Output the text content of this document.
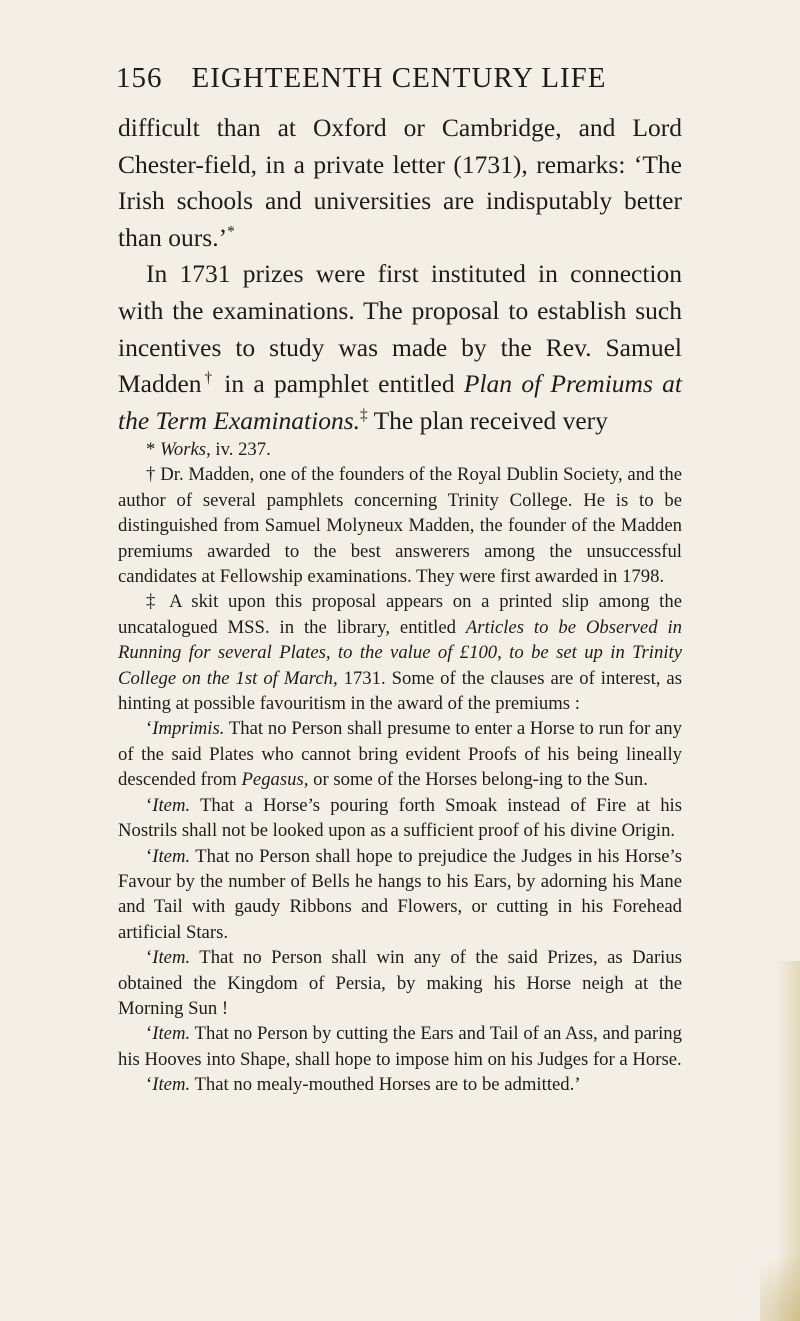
156	EIGHTEENTH CENTURY LIFE

difficult than at Oxford or Cambridge, and Lord Chester-field, in a private letter (1731), remarks: ‘The Irish schools and universities are indisputably better than ours.’*

In 1731 prizes were first instituted in connection with the examinations. The proposal to establish such incentives to study was made by the Rev. Samuel Madden† in a pamphlet entitled Plan of Premiums at the Term Examinations.‡ The plan received very

* Works, iv. 237.

† Dr. Madden, one of the founders of the Royal Dublin Society, and the author of several pamphlets concerning Trinity College. He is to be distinguished from Samuel Molyneux Madden, the founder of the Madden premiums awarded to the best answerers among the unsuccessful candidates at Fellowship examinations. They were first awarded in 1798.

‡ A skit upon this proposal appears on a printed slip among the uncatalogued MSS. in the library, entitled Articles to be Observed in Running for several Plates, to the value of £100, to be set up in Trinity College on the 1st of March, 1731. Some of the clauses are of interest, as hinting at possible favouritism in the award of the premiums :

‘Imprimis. That no Person shall presume to enter a Horse to run for any of the said Plates who cannot bring evident Proofs of his being lineally descended from Pegasus, or some of the Horses belong-ing to the Sun.

‘Item. That a Horse’s pouring forth Smoak instead of Fire at his Nostrils shall not be looked upon as a sufficient proof of his divine Origin.

‘Item. That no Person shall hope to prejudice the Judges in his Horse’s Favour by the number of Bells he hangs to his Ears, by adorning his Mane and Tail with gaudy Ribbons and Flowers, or cutting in his Forehead artificial Stars.

‘Item. That no Person shall win any of the said Prizes, as Darius obtained the Kingdom of Persia, by making his Horse neigh at the Morning Sun !

‘Item. That no Person by cutting the Ears and Tail of an Ass, and paring his Hooves into Shape, shall hope to impose him on his Judges for a Horse.

‘Item. That no mealy-mouthed Horses are to be admitted.’
